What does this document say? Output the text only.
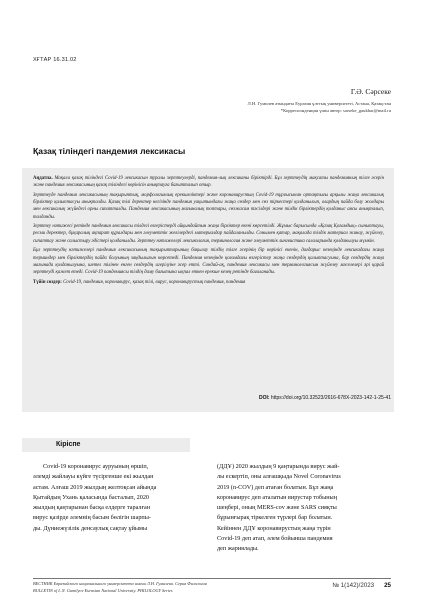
ХҒТАР 16.31.02
Г.Ә. Сәрсеке
Л.Н. Гумилев атындағы Еуразия ұлттық университеті, Астана, Қазақстан
*Корреспонденция үшін автор: sarseke_gaukhar@mail.ru
Қазақ тіліндегі пандемия лексикасы

Аңдатпа. Мақала қазақ тіліндегі Covid-19 лексикасын туралы зерттеулерді, пандемия-лық лексиканы біріктірді. Бұл зерттеудің мақсаты пандемияның тілге әсерін және пандемия лексикасының қазақ тіліндегі көрінісін анықтауға бағытталып отыр.

Зерттеуде пандемия лексикасының тақырыптық, морфологиялық ерекшеліктері және коронавирустың Covid-19 тұрғысынан ортақтығы арқылы жаңа лексикалық бірліктер қалыптасуы анықталды. Қазақ тілі деректер негізінде пандемия уақытындағы жаңа сөздер мен сөз тіркестері қолданылып, олардың пайда болу жолдары мен лексикалық жүйедегі орны сипатталды. Пандемия лексикасының мағыналық топтары, сөзжасам тәсілдері және тілдік бірліктердің қолданыс аясы анықталып, талданды.

Зерттеу нәтижесі ретінде пандемия лексикасы тілдегі өзгерістерді айқындайтын жаңа бірліктер екені көрсетілді. Жұмыс барысында «Қазақ Қоғамдық» сыныптауы, ресми деректер, бұқаралық ақпарат құралдары мен әлеуметтік желілердегі материалдар пайдаланылды. Сонымен қатар, мақалада тілдік материал жинау, жүйелеу, сипаттау және салыстыру әдістері қолданылды. Зерттеу нәтижелері лексикология, терминология және әлеуметтік лингвистика салаларында қолданылуы мүмкін.

Бұл зерттеудің нәтижелері пандемия лексикасының тақырыптарының бақылау тілдің тілге әсерінің бір көрінісі екенін, дағдарыс кезеңінде лексикадағы жаңа терминдер мен бірліктердің пайда болуының заңдылығын көрсетеді. Пандемия кезеңінде қоғамдағы өзгерістер жаңа сөздердің қалыптасуына, бар сөздердің жаңа мағынада қолданылуына, шетел тілінен енген сөздердің игерілуіне әсер етті. Сондай-ақ, пандемия лексикасы мен терминологиясын жүйелеу мәселелері әрі қарай зерттеуді қажет етеді. Covid-19 пандемиясы тілдің даму бағытына ықпал еткен ерекше кезең ретінде бағаланады.

Түйін сөздер: Covid-19, пандемия, коронавирус, қазақ тілі, вирус, коронавирустық пандемия, пандемия

DOI: https://doi.org/10.32523/2616-678X-2023-142-1-25-41
Кіріспе
Covid-19 коронавирус ауруының өршіп,
әлемді жайлауы күйге түсіргенше екі жылдан
астам. Алғаш 2019 жылдың желтоқсан айында
Қытайдың Ухань қаласында басталып, 2020
жылдың қаңтарынан басқа елдерге таралған
вирус қазірде әлемнің басым бөлігін шарпы-
ды. Дүниежүзілік денсаулық сақтау ұйымы
(ДДҰ) 2020 жылдың 9 қаңтарында вирус жай-
лы ескертіп, оны алғашқыда Novel Coronavirus
2019 (n-COV) деп атаған болатын. Бұл жаңа
коронавирус деп аталатын вирустар тобының
шеңбері, оның MERS-cov және SARS сияқты
бұрынғырақ тіркелген түрлері бар болатын.
Кейіннен ДДҰ коронавирустың жаңа түрін
Covid-19 деп атап, әлем бойынша пандемия
деп жариялады.
ВЕСТНИК Евразийского национального университета имени Л.Н. Гумилева. Серия Филология
BULLETIN of L.N. Gumilyov Eurasian National University. PHILOLOGY Series
№ 1(142)/2023 25
